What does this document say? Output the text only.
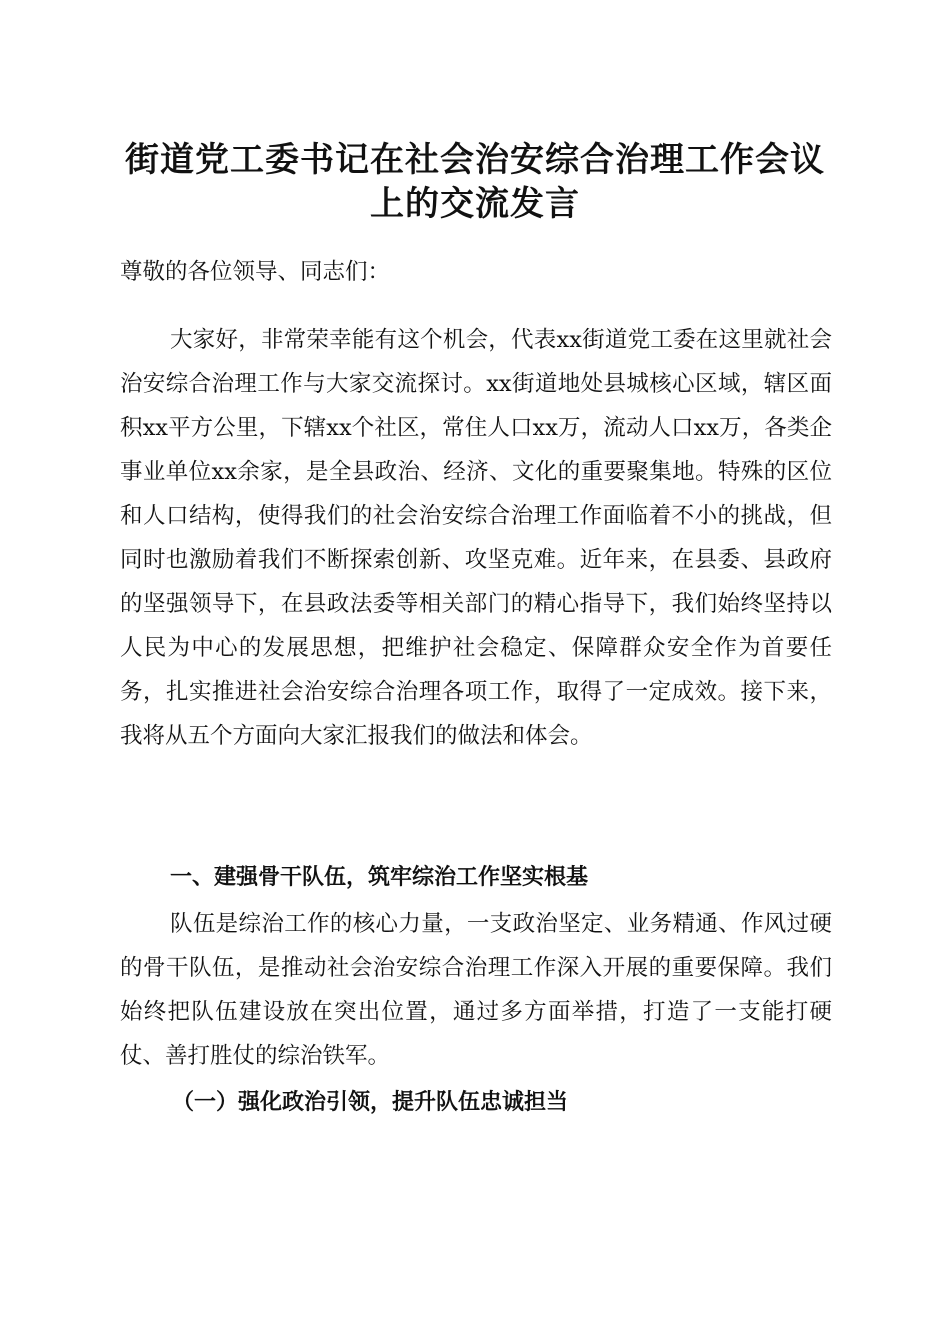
街道党工委书记在社会治安综合治理工作会议
上的交流发言

尊敬的各位领导、同志们：

大家好，非常荣幸能有这个机会，代表xx街道党工委在这里就社会治安综合治理工作与大家交流探讨。xx街道地处县城核心区域，辖区面积xx平方公里，下辖xx个社区，常住人口xx万，流动人口xx万，各类企事业单位xx余家，是全县政治、经济、文化的重要聚集地。特殊的区位和人口结构，使得我们的社会治安综合治理工作面临着不小的挑战，但同时也激励着我们不断探索创新、攻坚克难。近年来，在县委、县政府的坚强领导下，在县政法委等相关部门的精心指导下，我们始终坚持以人民为中心的发展思想，把维护社会稳定、保障群众安全作为首要任务，扎实推进社会治安综合治理各项工作，取得了一定成效。接下来，我将从五个方面向大家汇报我们的做法和体会。

一、建强骨干队伍，筑牢综治工作坚实根基

队伍是综治工作的核心力量，一支政治坚定、业务精通、作风过硬的骨干队伍，是推动社会治安综合治理工作深入开展的重要保障。我们始终把队伍建设放在突出位置，通过多方面举措，打造了一支能打硬仗、善打胜仗的综治铁军。

（一）强化政治引领，提升队伍忠诚担当
